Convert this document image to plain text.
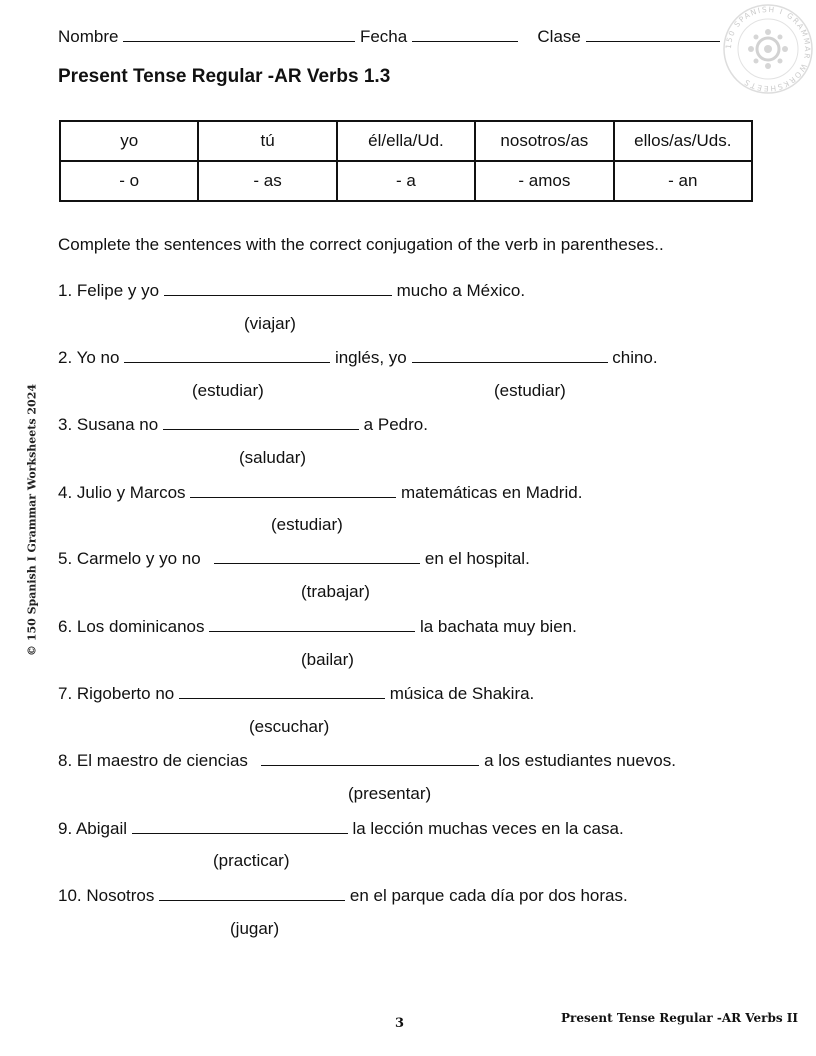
Nombre	Fecha	Clase	150 SPANISH I GRAMMAR WORKSHEETS
Present Tense Regular -AR Verbs 1.3
yo	tú	él/ella/Ud.	nosotros/as	ellos/as/Uds.
- o	- as	- a	- amos	- an
Complete the sentences with the correct conjugation of the verb in parentheses..
1. Felipe y yo	mucho a México.
(viajar)
2. Yo no	inglés, yo	chino.
(estudiar)	(estudiar)
3. Susana no	a Pedro.
(saludar)
4. Julio y Marcos	matemáticas en Madrid.
(estudiar)
5. Carmelo y yo no	en el hospital.
(trabajar)
6. Los dominicanos	la bachata muy bien.
(bailar)
7. Rigoberto no	música de Shakira.
(escuchar)
8. El maestro de ciencias	a los estudiantes nuevos.
(presentar)
9. Abigail	la lección muchas veces en la casa.
(practicar)
10. Nosotros	en el parque cada día por dos horas.
(jugar)
© 150 Spanish I Grammar Worksheets 2024
3	Present Tense Regular -AR Verbs II
